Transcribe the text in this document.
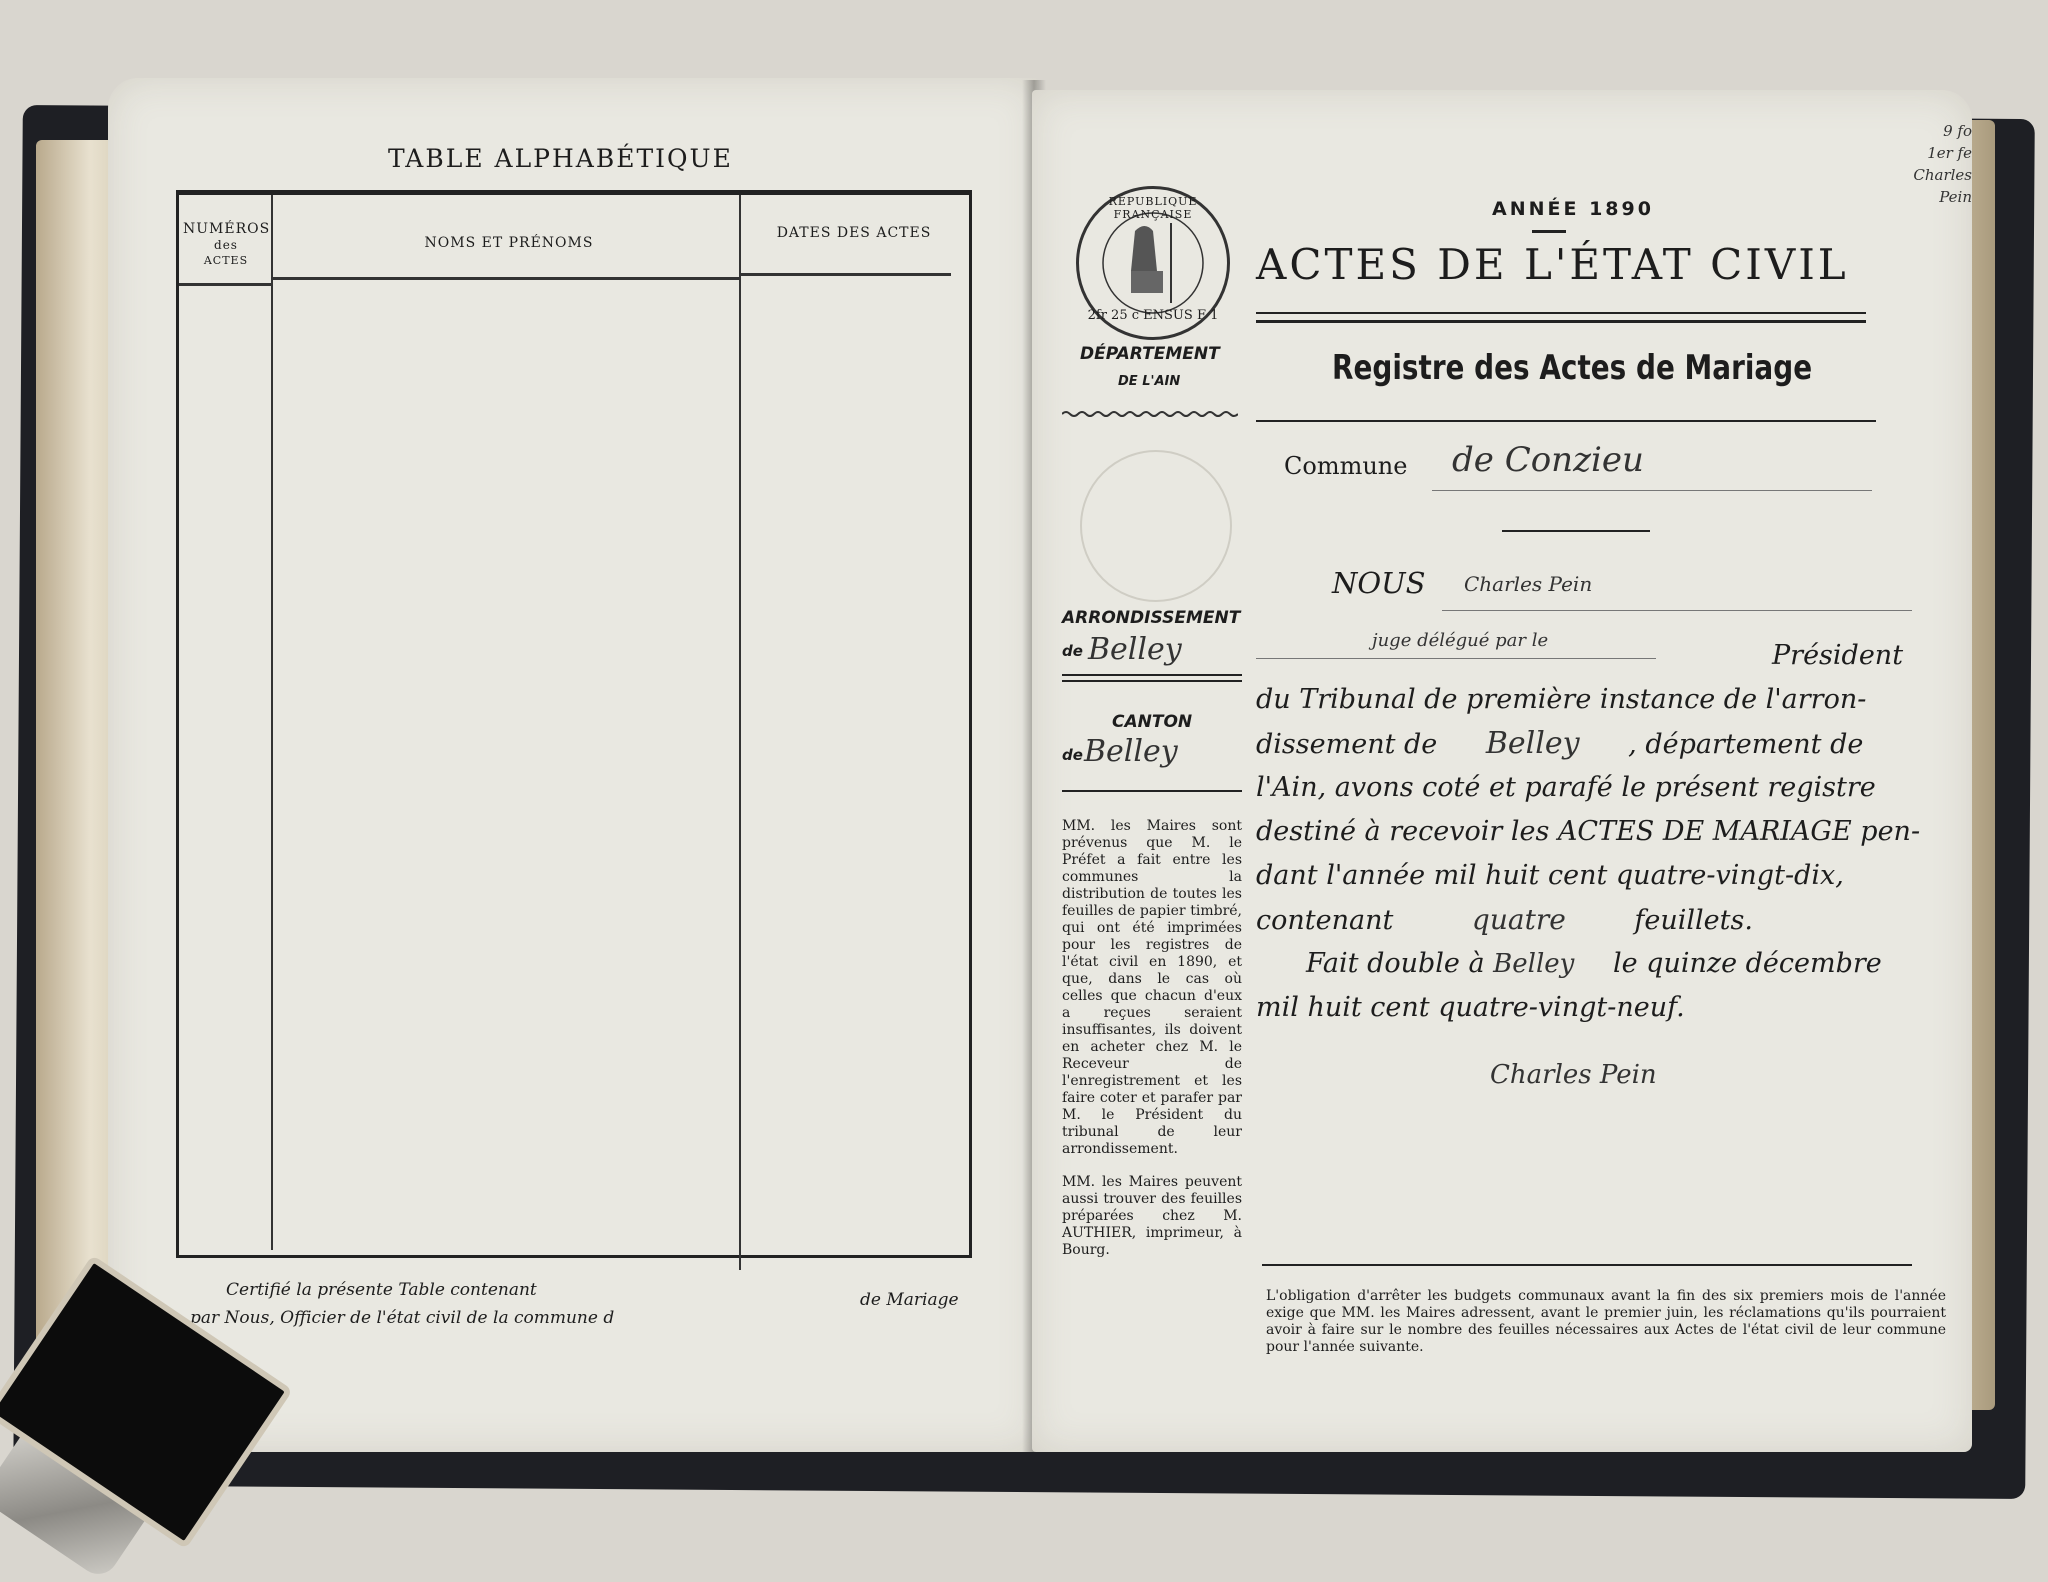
TABLE ALPHABÉTIQUE
NUMÉROS
des
ACTES
NOMS ET PRÉNOMS
DATES DES ACTES
Certifié la présente Table contenant
par Nous, Officier de l'état civil de la commune d
de Mariage
9 fo
1er fe
Charles Pein
2fr 25 c ENSUS F 1
RÉPUBLIQUE FRANÇAISE	ANNÉE 1890
ACTES DE L'ÉTAT CIVIL
Registre des Actes de Mariage
DÉPARTEMENT
DE L'AIN
Commune de Conzieu
NOUS Charles Pein
ARRONDISSEMENT
de Belley	juge délégué par le
CANTON
de Belley
MM. les Maires sont prévenus que M. le Préfet a fait entre les communes la distribution de toutes les feuilles de papier timbré, qui ont été imprimées pour les registres de l'état civil en 1890, et que, dans le cas où celles que chacun d'eux a reçues seraient insuffisantes, ils doivent en acheter chez M. le Receveur de l'enregistrement et les faire coter et parafer par M. le Président du tribunal de leur arrondissement.
MM. les Maires peuvent aussi trouver des feuilles préparées chez M. AUTHIER, imprimeur, à Bourg.
Président
du Tribunal de première instance de l'arron-
dissement de Belley , département de
l'Ain, avons coté et parafé le présent registre
destiné à recevoir les ACTES DE MARIAGE pen-
dant l'année mil huit cent quatre-vingt-dix,
contenant	quatre	feuillets.
Fait double à Belley le quinze décembre
mil huit cent quatre-vingt-neuf.
Charles Pein
L'obligation d'arrêter les budgets communaux avant la fin des six premiers mois de l'année exige que MM. les Maires adressent, avant le premier juin, les réclamations qu'ils pourraient avoir à faire sur le nombre des feuilles nécessaires aux Actes de l'état civil de leur commune pour l'année suivante.
